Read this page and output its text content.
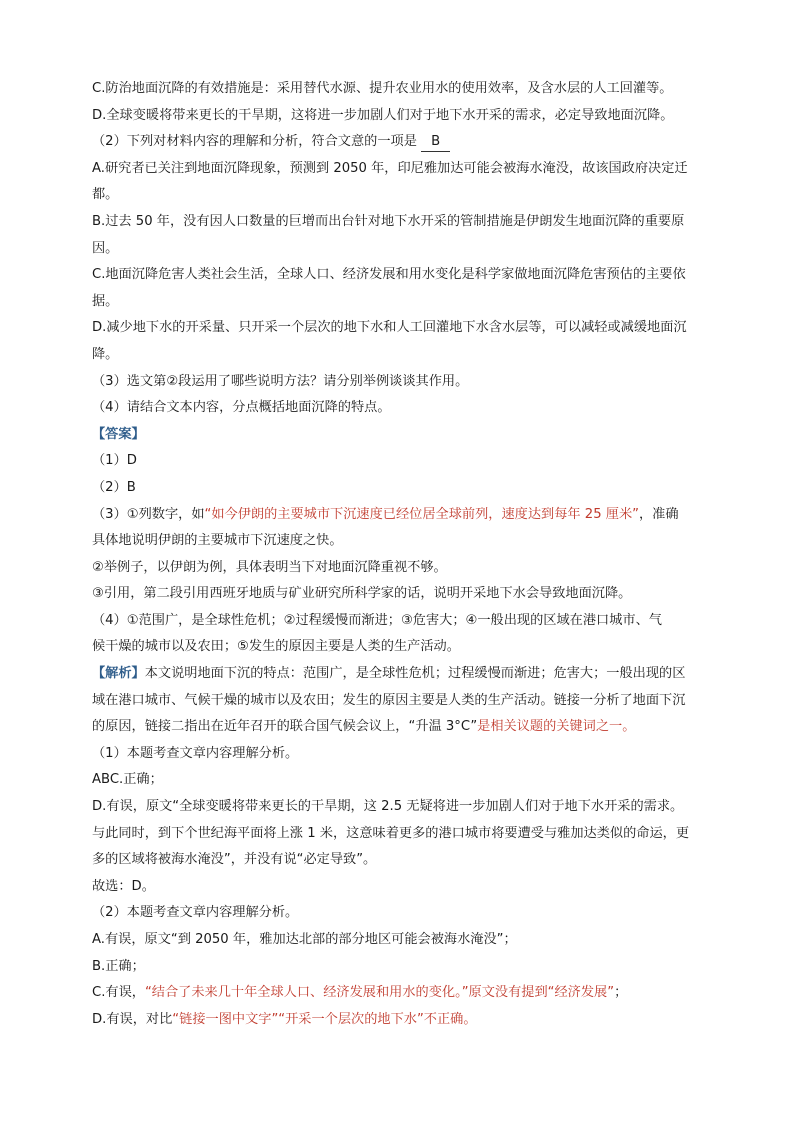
C.防治地面沉降的有效措施是：采用替代水源、提升农业用水的使用效率，及含水层的人工回灌等。
D.全球变暖将带来更长的干旱期，这将进一步加剧人们对于地下水开采的需求，必定导致地面沉降。
（2）下列对材料内容的理解和分析，符合文意的一项是 B
A.研究者已关注到地面沉降现象，预测到 2050 年，印尼雅加达可能会被海水淹没，故该国政府决定迁
都。
B.过去 50 年，没有因人口数量的巨增而出台针对地下水开采的管制措施是伊朗发生地面沉降的重要原
因。
C.地面沉降危害人类社会生活，全球人口、经济发展和用水变化是科学家做地面沉降危害预估的主要依
据。
D.减少地下水的开采量、只开采一个层次的地下水和人工回灌地下水含水层等，可以减轻或减缓地面沉
降。
（3）选文第②段运用了哪些说明方法？请分别举例谈谈其作用。
（4）请结合文本内容，分点概括地面沉降的特点。
【答案】
（1）D
（2）B
（3）①列数字，如“如今伊朗的主要城市下沉速度已经位居全球前列，速度达到每年 25 厘米”，准确
具体地说明伊朗的主要城市下沉速度之快。
②举例子，以伊朗为例，具体表明当下对地面沉降重视不够。
③引用，第二段引用西班牙地质与矿业研究所科学家的话，说明开采地下水会导致地面沉降。
（4）①范围广，是全球性危机；②过程缓慢而渐进；③危害大；④一般出现的区域在港口城市、气
候干燥的城市以及农田；⑤发生的原因主要是人类的生产活动。
【解析】本文说明地面下沉的特点：范围广，是全球性危机；过程缓慢而渐进；危害大；一般出现的区
域在港口城市、气候干燥的城市以及农田；发生的原因主要是人类的生产活动。链接一分析了地面下沉
的原因，链接二指出在近年召开的联合国气候会议上，“升温 3°C”是相关议题的关键词之一。
（1）本题考查文章内容理解分析。
ABC.正确；
D.有误，原文“全球变暖将带来更长的干旱期，这 2.5 无疑将进一步加剧人们对于地下水开采的需求。
与此同时，到下个世纪海平面将上涨 1 米，这意味着更多的港口城市将要遭受与雅加达类似的命运，更
多的区域将被海水淹没”，并没有说“必定导致”。
故选：D。
（2）本题考查文章内容理解分析。
A.有误，原文“到 2050 年，雅加达北部的部分地区可能会被海水淹没”；
B.正确；
C.有误，“结合了未来几十年全球人口、经济发展和用水的变化。”原文没有提到“经济发展”；
D.有误，对比“链接一图中文字”“开采一个层次的地下水”不正确。
